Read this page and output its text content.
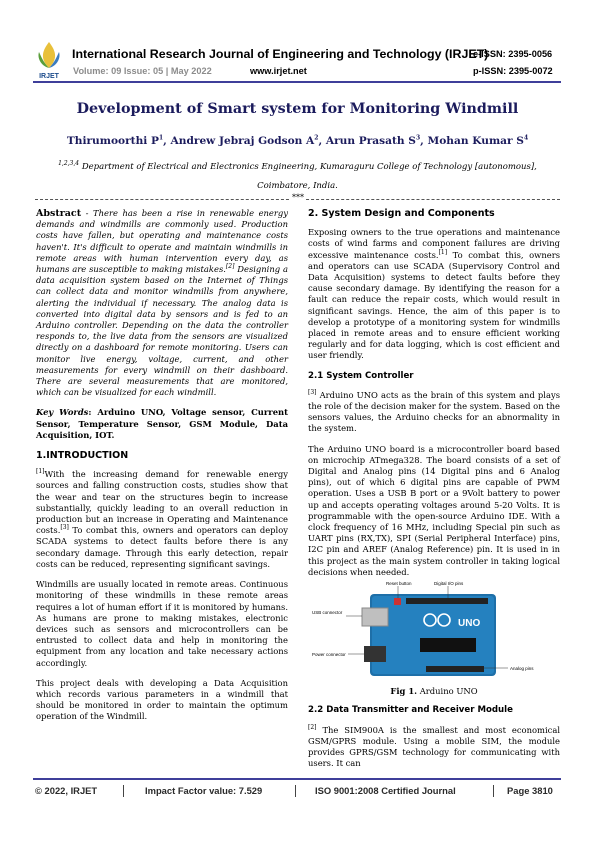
IRJET
International Research Journal of Engineering and Technology (IRJET)
e-ISSN: 2395-0056
Volume: 09 Issue: 05 | May 2022	www.irjet.net	p-ISSN: 2395-0072
Development of Smart system for Monitoring Windmill
Thirumoorthi $P^1$, Andrew Jebraj Godson $A^2$, Arun Prasath $S^3$, Mohan Kumar $S^4$
$^{1,2,3,4}$ Department of Electrical and Electronics Engineering, Kumaraguru College of Technology [autonomous],
Coimbatore, India.
***

Abstract - There has been a rise in renewable energy demands and windmills are commonly used. Production costs have fallen, but operating and maintenance costs haven't. It's difficult to operate and maintain windmills in remote areas with human intervention every day, as humans are susceptible to making mistakes.[2] Designing a data acquisition system based on the Internet of Things can collect data and monitor windmills from anywhere, alerting the individual if necessary. The analog data is converted into digital data by sensors and is fed to an Arduino controller. Depending on the data the controller responds to, the live data from the sensors are visualized directly on a dashboard for remote monitoring. Users can monitor live energy, voltage, current, and other measurements for every windmill on their dashboard. There are several measurements that are monitored, which can be visualized for each windmill.

Key Words: Arduino UNO, Voltage sensor, Current Sensor, Temperature Sensor, GSM Module, Data Acquisition, IOT.

1.INTRODUCTION

[1]With the increasing demand for renewable energy sources and falling construction costs, studies show that the wear and tear on the structures begin to increase substantially, quickly leading to an overall reduction in production but an increase in Operating and Maintenance costs.[3] To combat this, owners and operators can deploy SCADA systems to detect faults before there is any secondary damage. Through this early detection, repair costs can be reduced, representing significant savings.

Windmills are usually located in remote areas. Continuous monitoring of these windmills in these remote areas requires a lot of human effort if it is monitored by humans. As humans are prone to making mistakes, electronic devices such as sensors and microcontrollers can be entrusted to collect data and help in monitoring the equipment from any location and take necessary actions accordingly.

This project deals with developing a Data Acquisition which records various parameters in a windmill that should be monitored in order to maintain the optimum operation of the Windmill.

2. System Design and Components

Exposing owners to the true operations and maintenance costs of wind farms and component failures are driving excessive maintenance costs.[1] To combat this, owners and operators can use SCADA (Supervisory Control and Data Acquisition) systems to detect faults before they cause secondary damage. By identifying the reason for a fault can reduce the repair costs, which would result in significant savings. Hence, the aim of this paper is to develop a prototype of a monitoring system for windmills placed in remote areas and to ensure efficient working regularly and for data logging, which is cost efficient and user friendly.

2.1 System Controller

[3] Arduino UNO acts as the brain of this system and plays the role of the decision maker for the system. Based on the sensors values, the Arduino checks for an abnormality in the system.

The Arduino UNO board is a microcontroller board based on microchip ATmega328. The board consists of a set of Digital and Analog pins (14 Digital pins and 6 Analog pins), out of which 6 digital pins are capable of PWM operation. Uses a USB B port or a 9Volt battery to power up and accepts operating voltages around 5-20 Volts. It is programmable with the open-source Arduino IDE. With a clock frequency of 16 MHz, including Special pin such as UART pins (RX,TX), SPI (Serial Peripheral Interface) pins, I2C pin and AREF (Analog Reference) pin. It is used in in this project as the main system controller in taking logical decisions when needed.

UNO
Reset button	Digital I/O pins
USB connector
Power connector
Analog pins
Fig 1. Arduino UNO
2.2 Data Transmitter and Receiver Module

[2] The SIM900A is the smallest and most economical GSM/GPRS module. Using a mobile SIM, the module provides GPRS/GSM technology for communicating with users. It can

© 2022, IRJET	Impact Factor value: 7.529	ISO 9001:2008 Certified Journal	Page 3810
